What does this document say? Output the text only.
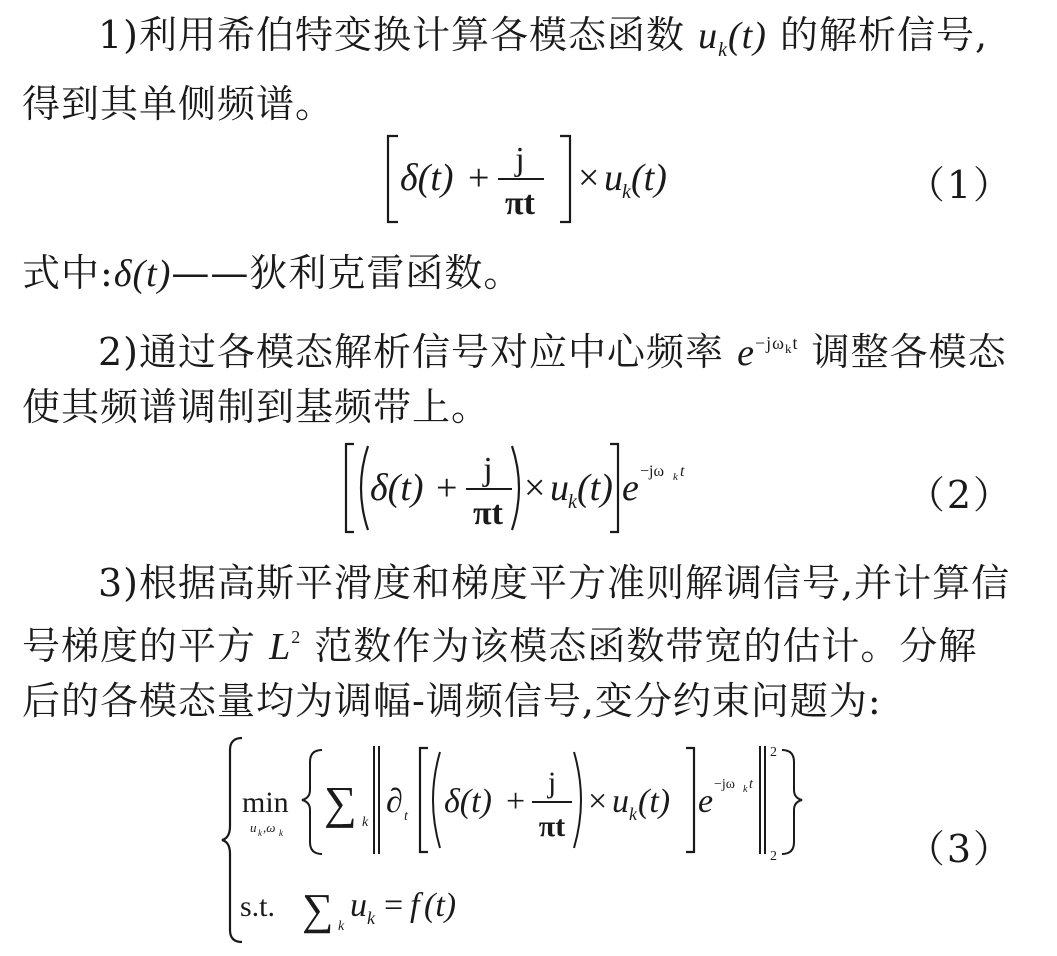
1)利用希伯特变换计算各模态函数 $u_k(t)$ 的解析信号,得到其单侧频谱。

δ(t) + j
πt
× u k (t)	（1）

式中:δ(t)——狄利克雷函数。

2)通过各模态解析信号对应中心频率 $e^{-j\omega_kt}$ 调整各模态使其频谱调制到基频带上。

δ(t) + j
πt
× u k (t) e −jω k t
（2）

3)根据高斯平滑度和梯度平方准则解调信号,并计算信号梯度的平方 $L^2$ 范数作为该模态函数带宽的估计。分解后的各模态量均为调幅-调频信号,变分约束问题为:

min
u k ,ω k
∑ k
∂ t δ(t) +
j
πt
× u k (t) e −jω k t
2
2
s.t. ∑ k
u k = f (t)
（3）
